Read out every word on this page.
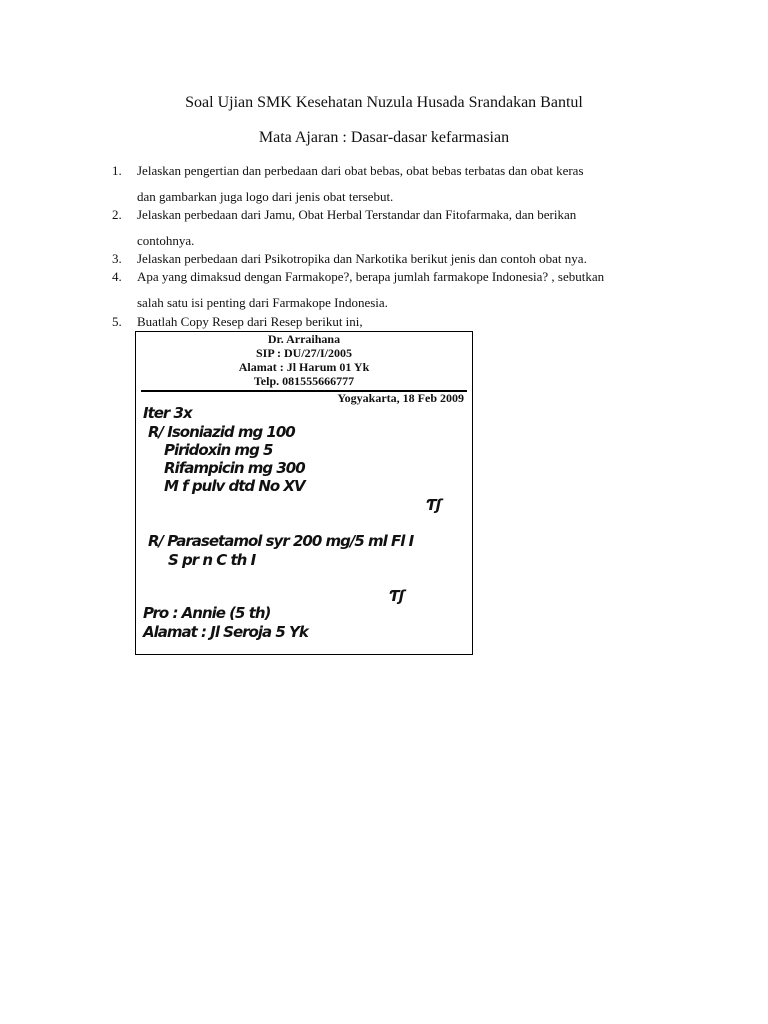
Soal Ujian SMK Kesehatan Nuzula Husada Srandakan Bantul
Mata Ajaran : Dasar-dasar kefarmasian
1. Jelaskan pengertian dan perbedaan dari obat bebas, obat bebas terbatas dan obat keras
dan gambarkan juga logo dari jenis obat tersebut.
2. Jelaskan perbedaan dari Jamu, Obat Herbal Terstandar dan Fitofarmaka, dan berikan
contohnya.
3. Jelaskan perbedaan dari Psikotropika dan Narkotika berikut jenis dan contoh obat nya.
4. Apa yang dimaksud dengan Farmakope?, berapa jumlah farmakope Indonesia? , sebutkan
salah satu isi penting dari Farmakope Indonesia.
5. Buatlah Copy Resep dari Resep berikut ini,
Dr. Arraihana
SIP : DU/27/I/2005
Alamat : Jl Harum 01 Yk
Telp. 081555666777
Yogyakarta, 18 Feb 2009
Iter 3x
R/ Isoniazid mg 100
Piridoxin mg 5
Rifampicin mg 300
M f pulv dtd No XV
Ƭʃ
R/ Parasetamol syr 200 mg/5 ml Fl I
S pr n C th I
Ƭʃ
Pro : Annie (5 th)
Alamat : Jl Seroja 5 Yk
